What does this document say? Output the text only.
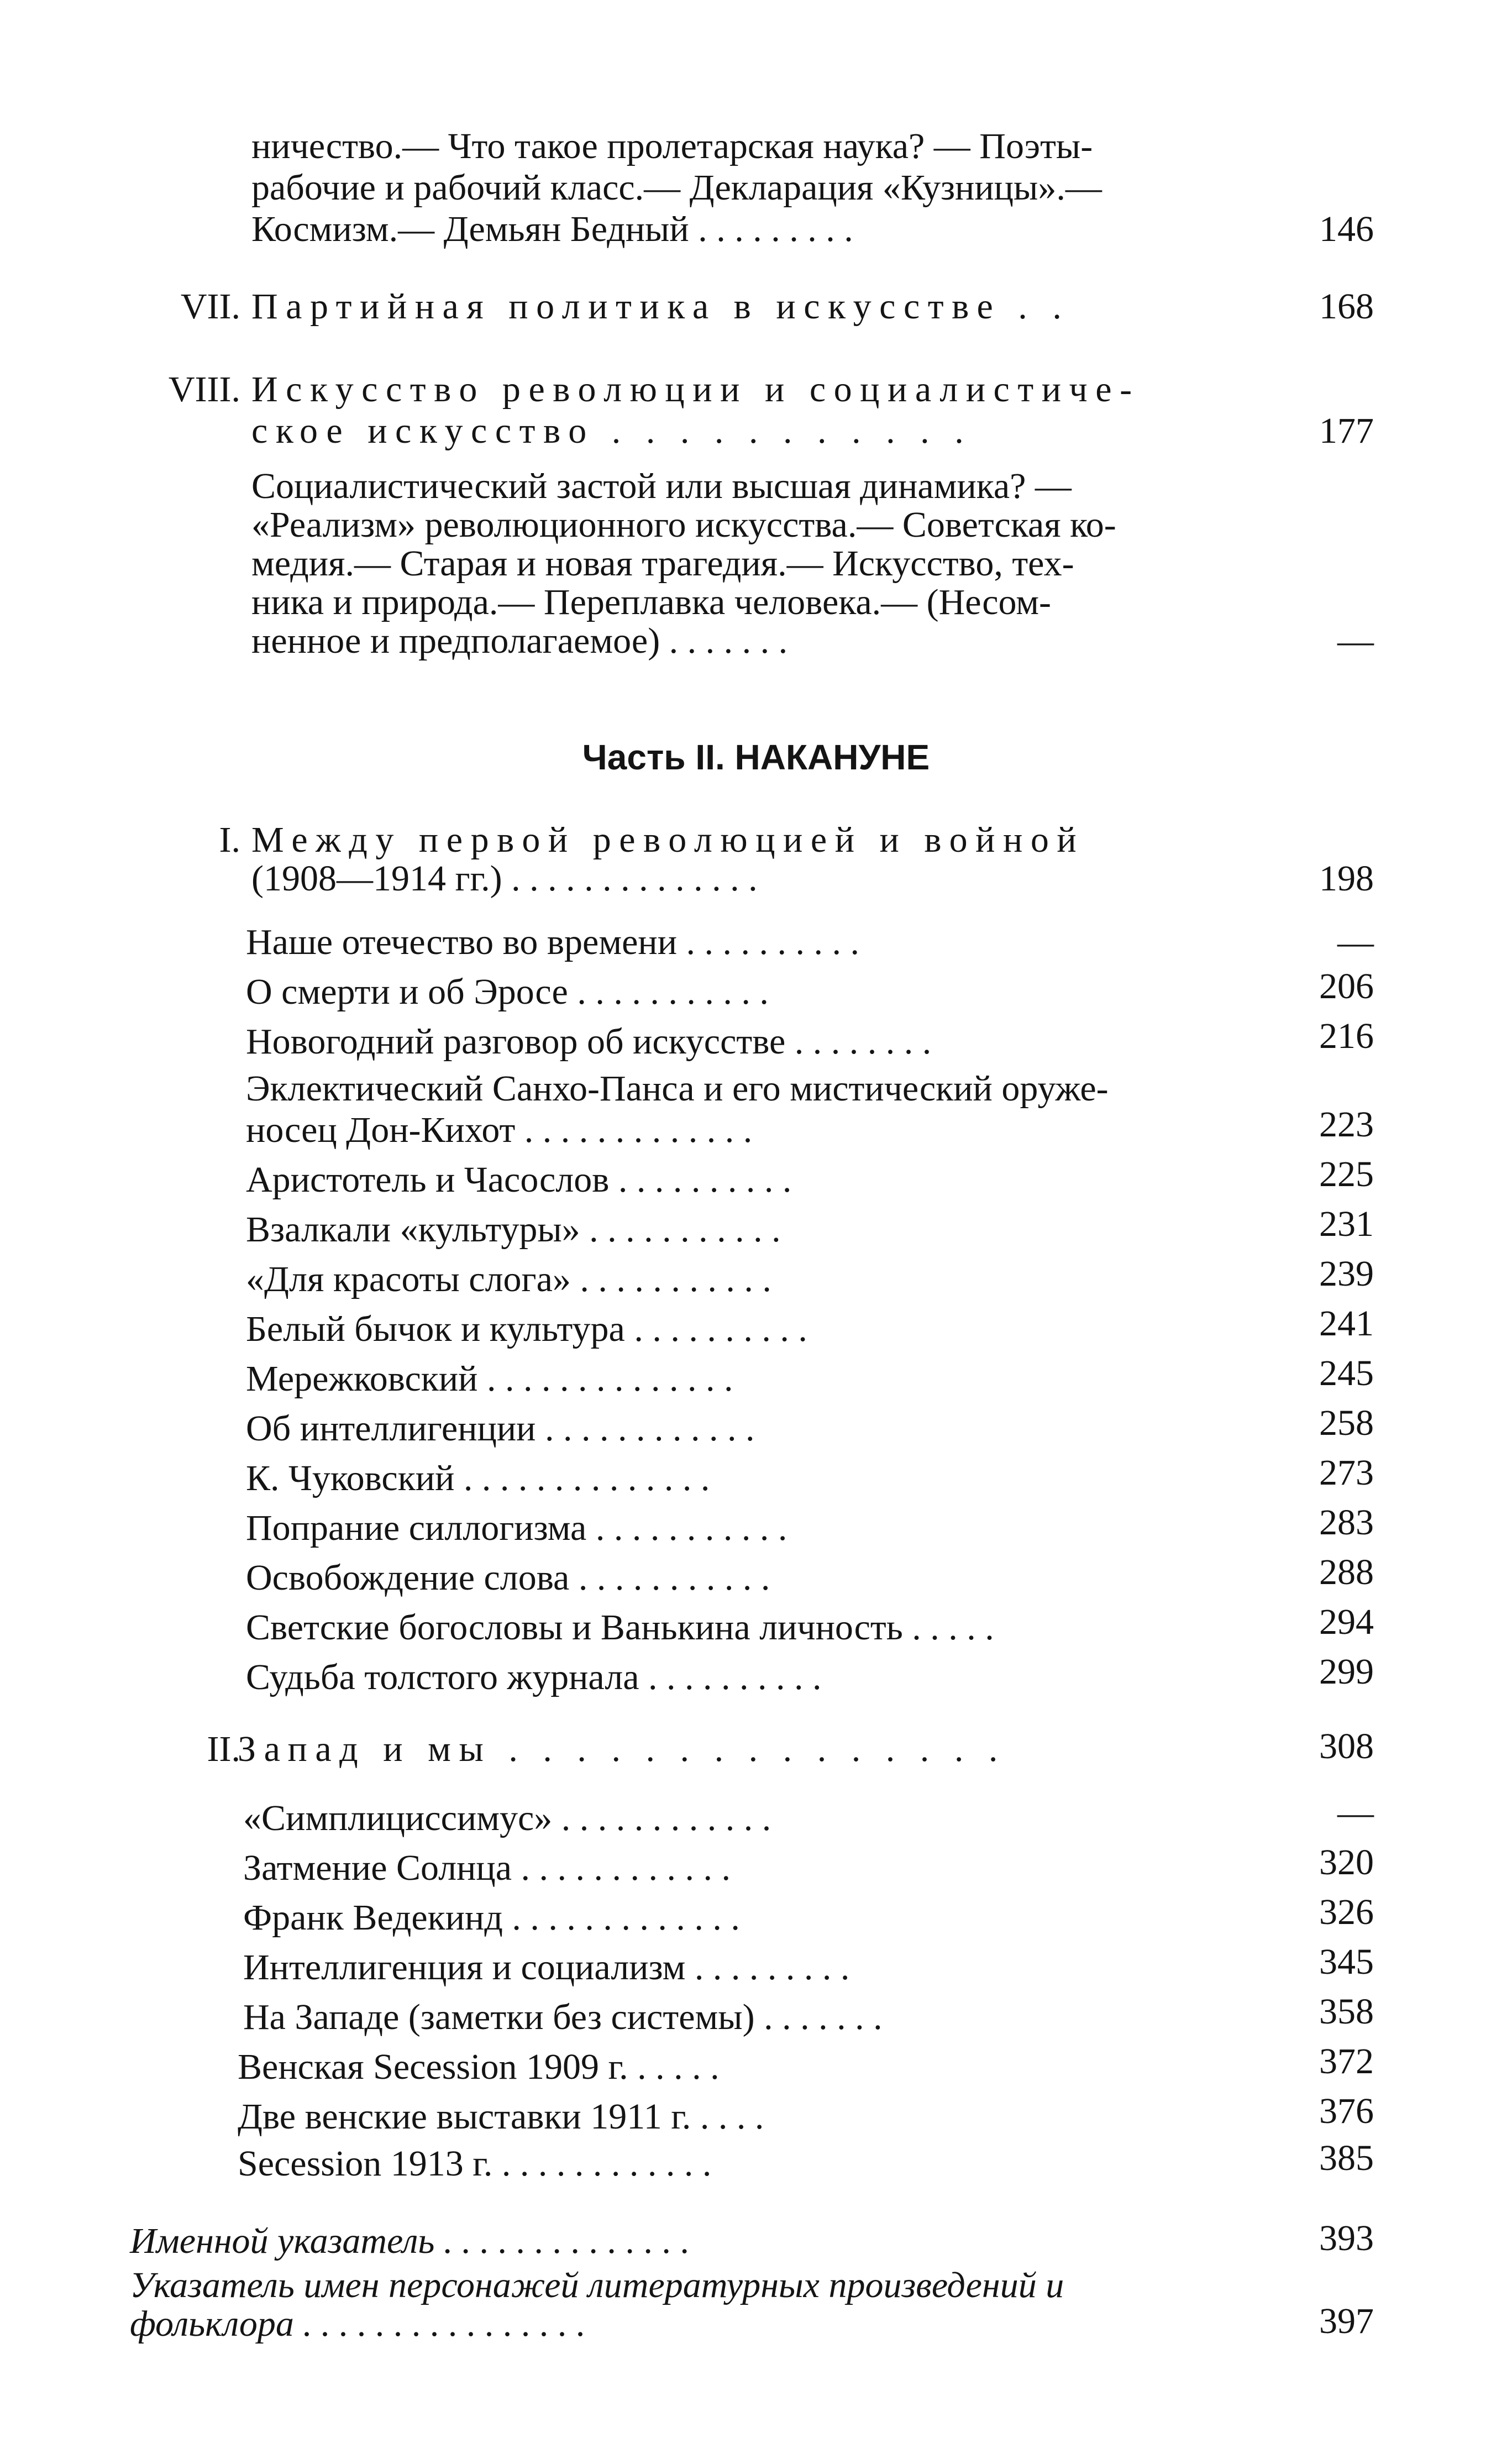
ничество.— Что такое пролетарская наука? — Поэты-
рабочие и рабочий класс.— Декларация «Кузницы».—
Космизм.— Демьян Бедный . . . . . . . . .	146
VII. Партийная политика в искусстве . .	168
VIII. Искусство революции и социалистиче-
ское искусство . . . . . . . . . . .	177
Социалистический застой или высшая динамика? —
«Реализм» революционного искусства.— Советская ко-
медия.— Старая и новая трагедия.— Искусство, тех-
ника и природа.— Переплавка человека.— (Несом-
ненное и предполагаемое) . . . . . . .	—
Часть II. НАКАНУНЕ
I. Между первой революцией и войной
(1908—1914 гг.) . . . . . . . . . . . . . .	198
Наше отечество во времени . . . . . . . . . .	—
О смерти и об Эросе . . . . . . . . . . .	206
Новогодний разговор об искусстве . . . . . . . .	216
Эклектический Санхо-Панса и его мистический оруже-
носец Дон-Кихот . . . . . . . . . . . . .	223
Аристотель и Часослов . . . . . . . . . .	225
Взалкали «культуры» . . . . . . . . . . .	231
«Для красоты слога» . . . . . . . . . . .	239
Белый бычок и культура . . . . . . . . . .	241
Мережковский . . . . . . . . . . . . . .	245
Об интеллигенции . . . . . . . . . . . .	258
К. Чуковский . . . . . . . . . . . . . .	273
Попрание силлогизма . . . . . . . . . . .	283
Освобождение слова . . . . . . . . . . .	288
Светские богословы и Ванькина личность . . . . .	294
Судьба толстого журнала . . . . . . . . . .	299
II.
Запад и мы . . . . . . . . . . . . . . .	308
«Симплициссимус» . . . . . . . . . . . .	—
Затмение Солнца . . . . . . . . . . . .	320
Франк Ведекинд . . . . . . . . . . . . .	326
Интеллигенция и социализм . . . . . . . . .	345
На Западе (заметки без системы) . . . . . . .	358
Венская Secession 1909 г. . . . . .	372
Две венские выставки 1911 г. . . . .	376
Secession 1913 г. . . . . . . . . . . . .	385
Именной указатель . . . . . . . . . . . . . .	393
Указатель имен персонажей литературных произведений и
фольклора . . . . . . . . . . . . . . . .	397
